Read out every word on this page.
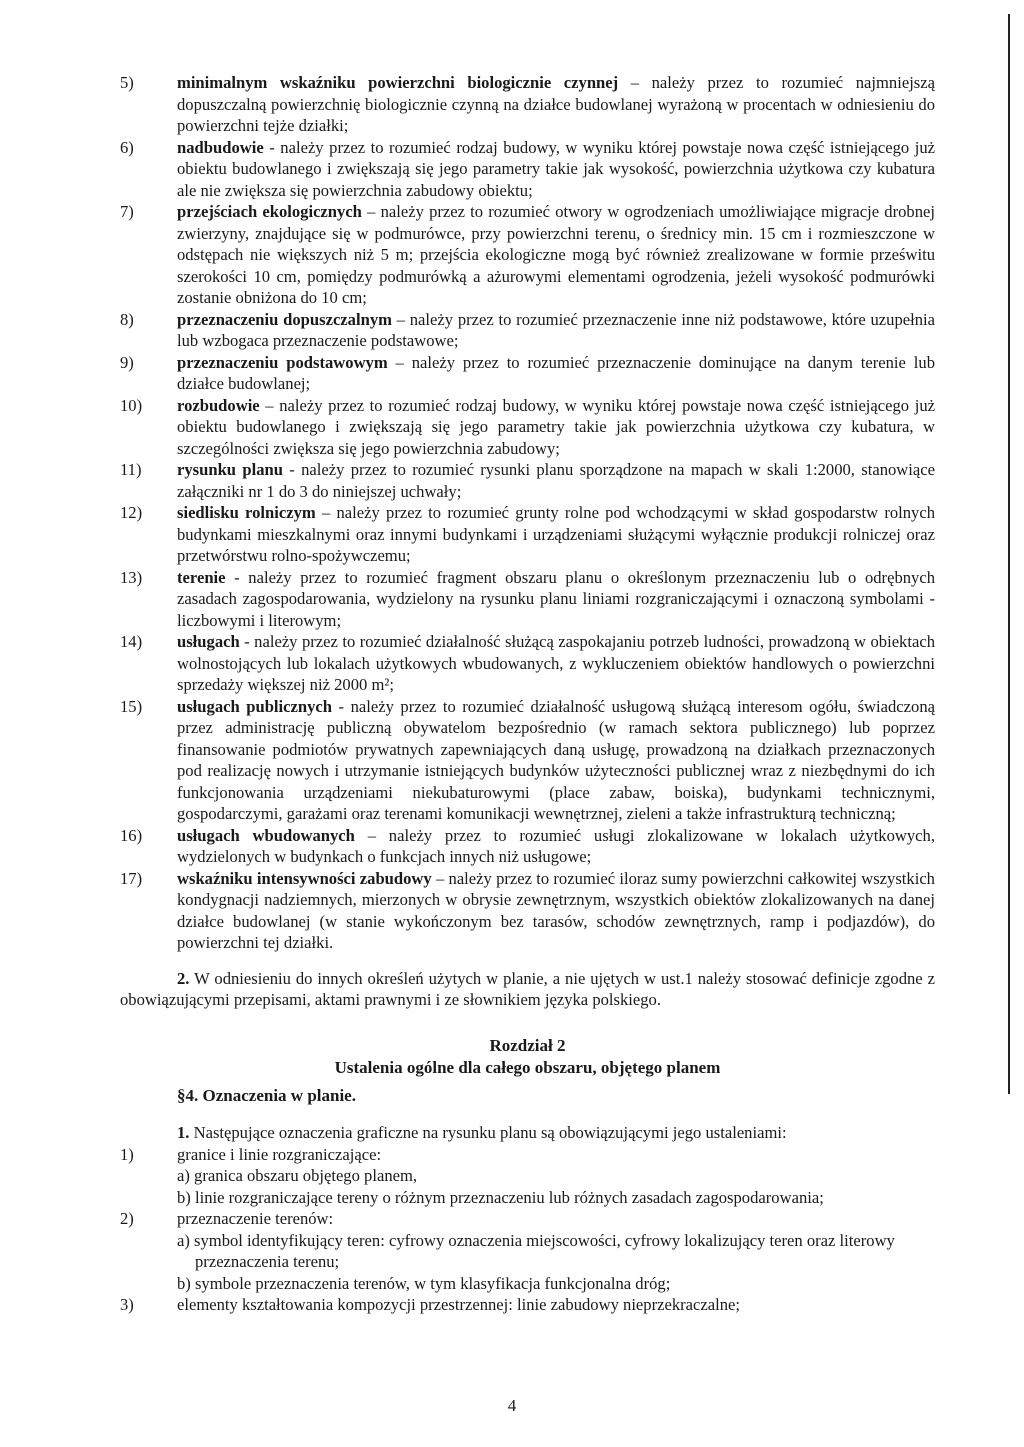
5)	minimalnym wskaźniku powierzchni biologicznie czynnej – należy przez to rozumieć najmniejszą dopuszczalną powierzchnię biologicznie czynną na działce budowlanej wyrażoną w procentach w odniesieniu do powierzchni tejże działki;
6)	nadbudowie - należy przez to rozumieć rodzaj budowy, w wyniku której powstaje nowa część istniejącego już obiektu budowlanego i zwiększają się jego parametry takie jak wysokość, powierzchnia użytkowa czy kubatura ale nie zwiększa się powierzchnia zabudowy obiektu;
7)	przejściach ekologicznych – należy przez to rozumieć otwory w ogrodzeniach umożliwiające migracje drobnej zwierzyny, znajdujące się w podmurówce, przy powierzchni terenu, o średnicy min. 15 cm i rozmieszczone w odstępach nie większych niż 5 m; przejścia ekologiczne mogą być również zrealizowane w formie prześwitu szerokości 10 cm, pomiędzy podmurówką a ażurowymi elementami ogrodzenia, jeżeli wysokość podmurówki zostanie obniżona do 10 cm;
8)	przeznaczeniu dopuszczalnym – należy przez to rozumieć przeznaczenie inne niż podstawowe, które uzupełnia lub wzbogaca przeznaczenie podstawowe;
9)	przeznaczeniu podstawowym – należy przez to rozumieć przeznaczenie dominujące na danym terenie lub działce budowlanej;
10)	rozbudowie – należy przez to rozumieć rodzaj budowy, w wyniku której powstaje nowa część istniejącego już obiektu budowlanego i zwiększają się jego parametry takie jak powierzchnia użytkowa czy kubatura, w szczególności zwiększa się jego powierzchnia zabudowy;
11)	rysunku planu - należy przez to rozumieć rysunki planu sporządzone na mapach w skali 1:2000, stanowiące załączniki nr 1 do 3 do niniejszej uchwały;
12)	siedlisku rolniczym – należy przez to rozumieć grunty rolne pod wchodzącymi w skład gospodarstw rolnych budynkami mieszkalnymi oraz innymi budynkami i urządzeniami służącymi wyłącznie produkcji rolniczej oraz przetwórstwu rolno-spożywczemu;
13)	terenie - należy przez to rozumieć fragment obszaru planu o określonym przeznaczeniu lub o odrębnych zasadach zagospodarowania, wydzielony na rysunku planu liniami rozgraniczającymi i oznaczoną symbolami - liczbowymi i literowym;
14)	usługach - należy przez to rozumieć działalność służącą zaspokajaniu potrzeb ludności, prowadzoną w obiektach wolnostojących lub lokalach użytkowych wbudowanych, z wykluczeniem obiektów handlowych o powierzchni sprzedaży większej niż 2000 m²;
15)	usługach publicznych - należy przez to rozumieć działalność usługową służącą interesom ogółu, świadczoną przez administrację publiczną obywatelom bezpośrednio (w ramach sektora publicznego) lub poprzez finansowanie podmiotów prywatnych zapewniających daną usługę, prowadzoną na działkach przeznaczonych pod realizację nowych i utrzymanie istniejących budynków użyteczności publicznej wraz z niezbędnymi do ich funkcjonowania urządzeniami niekubaturowymi (place zabaw, boiska), budynkami technicznymi, gospodarczymi, garażami oraz terenami komunikacji wewnętrznej, zieleni a także infrastrukturą techniczną;
16)	usługach wbudowanych – należy przez to rozumieć usługi zlokalizowane w lokalach użytkowych, wydzielonych w budynkach o funkcjach innych niż usługowe;
17)	wskaźniku intensywności zabudowy – należy przez to rozumieć iloraz sumy powierzchni całkowitej wszystkich kondygnacji nadziemnych, mierzonych w obrysie zewnętrznym, wszystkich obiektów zlokalizowanych na danej działce budowlanej (w stanie wykończonym bez tarasów, schodów zewnętrznych, ramp i podjazdów), do powierzchni tej działki.
2. W odniesieniu do innych określeń użytych w planie, a nie ujętych w ust.1 należy stosować definicje zgodne z obowiązującymi przepisami, aktami prawnymi i ze słownikiem języka polskiego.
Rozdział 2
Ustalenia ogólne dla całego obszaru, objętego planem
§4. Oznaczenia w planie.
1. Następujące oznaczenia graficzne na rysunku planu są obowiązującymi jego ustaleniami:
1)	granice i linie rozgraniczające:
a) granica obszaru objętego planem,
b) linie rozgraniczające tereny o różnym przeznaczeniu lub różnych zasadach zagospodarowania;
2)	przeznaczenie terenów:
a) symbol identyfikujący teren: cyfrowy oznaczenia miejscowości, cyfrowy lokalizujący teren oraz literowy przeznaczenia terenu;
b) symbole przeznaczenia terenów, w tym klasyfikacja funkcjonalna dróg;
3)	elementy kształtowania kompozycji przestrzennej: linie zabudowy nieprzekraczalne;
4
